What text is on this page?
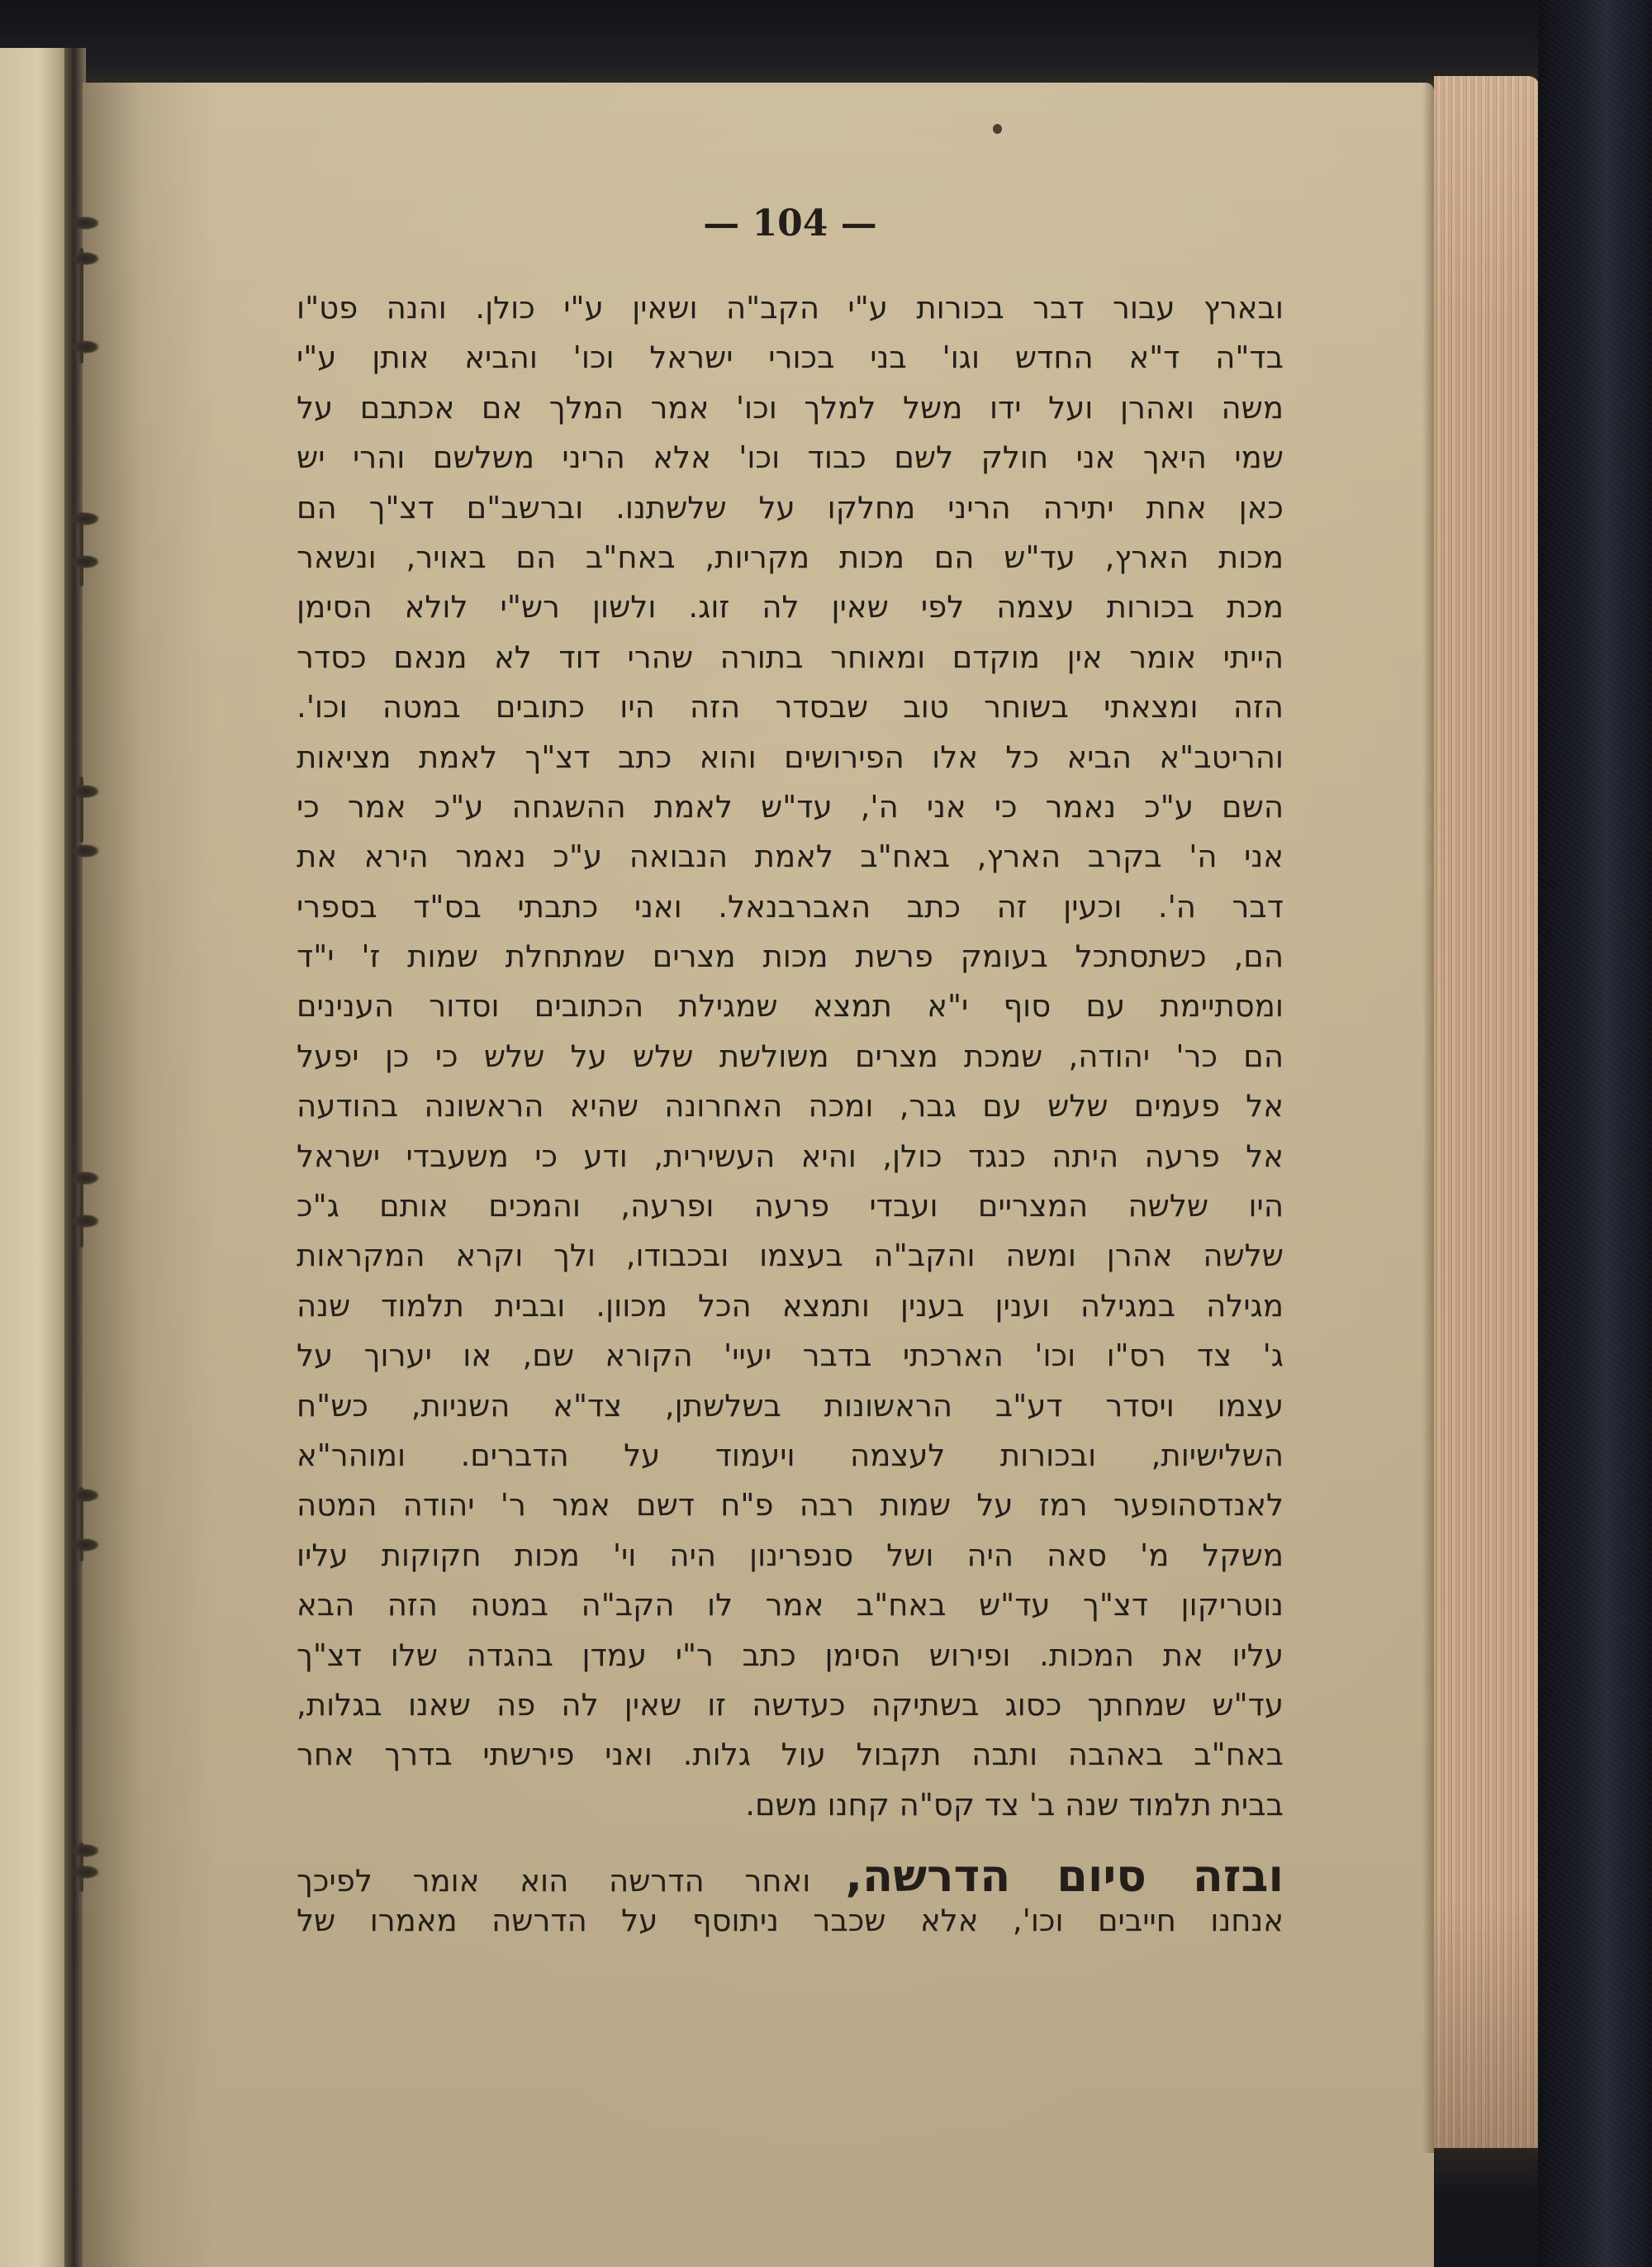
— 104 —
ובארץ עבור דבר בכורות ע"י הקב"ה ושאין ע"י כולן. והנה פט"ו
בד"ה ד"א החדש וגו' בני בכורי ישראל וכו' והביא אותן ע"י
משה ואהרן ועל ידו משל למלך וכו' אמר המלך אם אכתבם על
שמי היאך אני חולק לשם כבוד וכו' אלא הריני משלשם והרי יש
כאן אחת יתירה הריני מחלקו על שלשתנו. וברשב"ם דצ"ך הם
מכות הארץ, עד"ש הם מכות מקריות, באח"ב הם באויר, ונשאר
מכת בכורות עצמה לפי שאין לה זוג. ולשון רש"י לולא הסימן
הייתי אומר אין מוקדם ומאוחר בתורה שהרי דוד לא מנאם כסדר
הזה ומצאתי בשוחר טוב שבסדר הזה היו כתובים במטה וכו'.
והריטב"א הביא כל אלו הפירושים והוא כתב דצ"ך לאמת מציאות
השם ע"כ נאמר כי אני ה', עד"ש לאמת ההשגחה ע"כ אמר כי
אני ה' בקרב הארץ, באח"ב לאמת הנבואה ע"כ נאמר הירא את
דבר ה'. וכעין זה כתב האברבנאל. ואני כתבתי בס"ד בספרי
הם, כשתסתכל בעומק פרשת מכות מצרים שמתחלת שמות ז' י"ד
ומסתיימת עם סוף י"א תמצא שמגילת הכתובים וסדור הענינים
הם כר' יהודה, שמכת מצרים משולשת שלש על שלש כי כן יפעל
אל פעמים שלש עם גבר, ומכה האחרונה שהיא הראשונה בהודעה
אל פרעה היתה כנגד כולן, והיא העשירית, ודע כי משעבדי ישראל
היו שלשה המצריים ועבדי פרעה ופרעה, והמכים אותם ג"כ
שלשה אהרן ומשה והקב"ה בעצמו ובכבודו, ולך וקרא המקראות
מגילה במגילה וענין בענין ותמצא הכל מכוון. ובבית תלמוד שנה
ג' צד רס"ו וכו' הארכתי בדבר יעיי' הקורא שם, או יערוך על
עצמו ויסדר דע"ב הראשונות בשלשתן, צד"א השניות, כש"ח
השלישיות, ובכורות לעצמה ויעמוד על הדברים. ומוהר"א
לאנדסהופער רמז על שמות רבה פ"ח דשם אמר ר' יהודה המטה
משקל מ' סאה היה ושל סנפרינון היה וי' מכות חקוקות עליו
נוטריקון דצ"ך עד"ש באח"ב אמר לו הקב"ה במטה הזה הבא
עליו את המכות. ופירוש הסימן כתב ר"י עמדן בהגדה שלו דצ"ך
עד"ש שמחתך כסוג בשתיקה כעדשה זו שאין לה פה שאנו בגלות,
באח"ב באהבה ותבה תקבול עול גלות. ואני פירשתי בדרך אחר
בבית תלמוד שנה ב' צד קס"ה קחנו משם.
ובזה סיום הדרשה, ואחר הדרשה הוא אומר לפיכך
אנחנו חייבים וכו', אלא שכבר ניתוסף על הדרשה מאמרו של
